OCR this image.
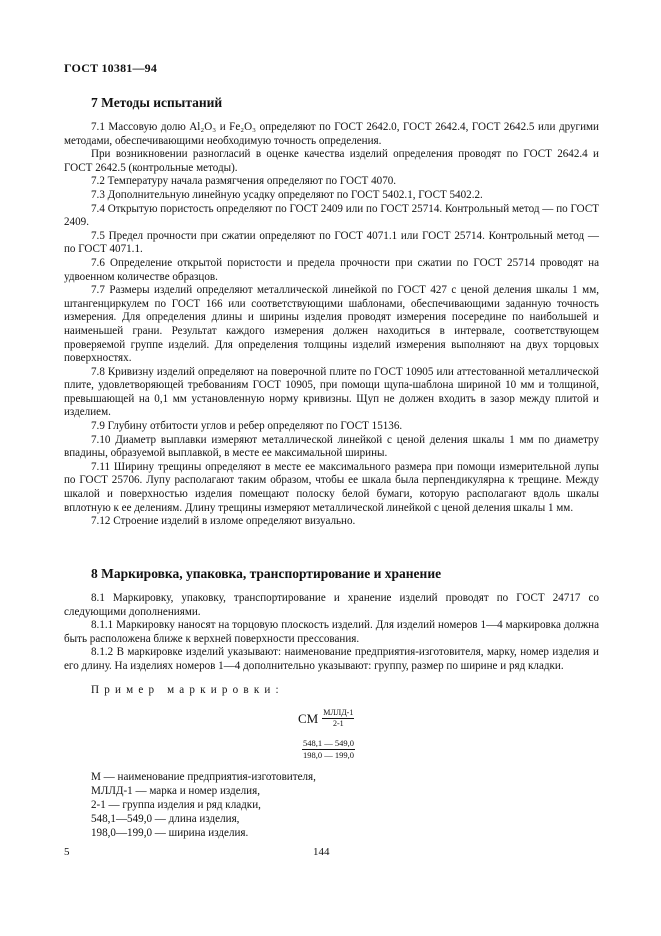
ГОСТ 10381—94
7 Методы испытаний

7.1 Массовую долю Al₂O₃ и Fe₂O₃ определяют по ГОСТ 2642.0, ГОСТ 2642.4, ГОСТ 2642.5 или другими методами, обеспечивающими необходимую точность определения.

При возникновении разногласий в оценке качества изделий определения проводят по ГОСТ 2642.4 и ГОСТ 2642.5 (контрольные методы).

7.2 Температуру начала размягчения определяют по ГОСТ 4070.

7.3 Дополнительную линейную усадку определяют по ГОСТ 5402.1, ГОСТ 5402.2.

7.4 Открытую пористость определяют по ГОСТ 2409 или по ГОСТ 25714. Контрольный метод — по ГОСТ 2409.

7.5 Предел прочности при сжатии определяют по ГОСТ 4071.1 или ГОСТ 25714. Контрольный метод — по ГОСТ 4071.1.

7.6 Определение открытой пористости и предела прочности при сжатии по ГОСТ 25714 проводят на удвоенном количестве образцов.

7.7 Размеры изделий определяют металлической линейкой по ГОСТ 427 с ценой деления шкалы 1 мм, штангенциркулем по ГОСТ 166 или соответствующими шаблонами, обеспечивающими заданную точность измерения. Для определения длины и ширины изделия проводят измерения посередине по наибольшей и наименьшей грани. Результат каждого измерения должен находиться в интервале, соответствующем проверяемой группе изделий. Для определения толщины изделий измерения выполняют на двух торцовых поверхностях.

7.8 Кривизну изделий определяют на поверочной плите по ГОСТ 10905 или аттестованной металлической плите, удовлетворяющей требованиям ГОСТ 10905, при помощи щупа-шаблона шириной 10 мм и толщиной, превышающей на 0,1 мм установленную норму кривизны. Щуп не должен входить в зазор между плитой и изделием.

7.9 Глубину отбитости углов и ребер определяют по ГОСТ 15136.

7.10 Диаметр выплавки измеряют металлической линейкой с ценой деления шкалы 1 мм по диаметру впадины, образуемой выплавкой, в месте ее максимальной ширины.

7.11 Ширину трещины определяют в месте ее максимального размера при помощи измерительной лупы по ГОСТ 25706. Лупу располагают таким образом, чтобы ее шкала была перпендикулярна к трещине. Между шкалой и поверхностью изделия помещают полоску белой бумаги, которую располагают вдоль шкалы вплотную к ее делениям. Длину трещины измеряют металлической линейкой с ценой деления шкалы 1 мм.

7.12 Строение изделий в изломе определяют визуально.

8 Маркировка, упаковка, транспортирование и хранение

8.1 Маркировку, упаковку, транспортирование и хранение изделий проводят по ГОСТ 24717 со следующими дополнениями.

8.1.1 Маркировку наносят на торцовую плоскость изделий. Для изделий номеров 1—4 маркировка должна быть расположена ближе к верхней поверхности прессования.

8.1.2 В маркировке изделий указывают: наименование предприятия-изготовителя, марку, номер изделия и его длину. На изделиях номеров 1—4 дополнительно указывают: группу, размер по ширине и ряд кладки.

Пример маркировки:
СМ $\frac{\text{МЛЛД-1}}{2-1}$
$\frac{548,1 — 549,0}{198,0 — 199,0}$
М — наименование предприятия-изготовителя,
МЛЛД-1 — марка и номер изделия,
2-1 — группа изделия и ряд кладки,
548,1—549,0 — длина изделия,
198,0—199,0 — ширина изделия.
5	144
